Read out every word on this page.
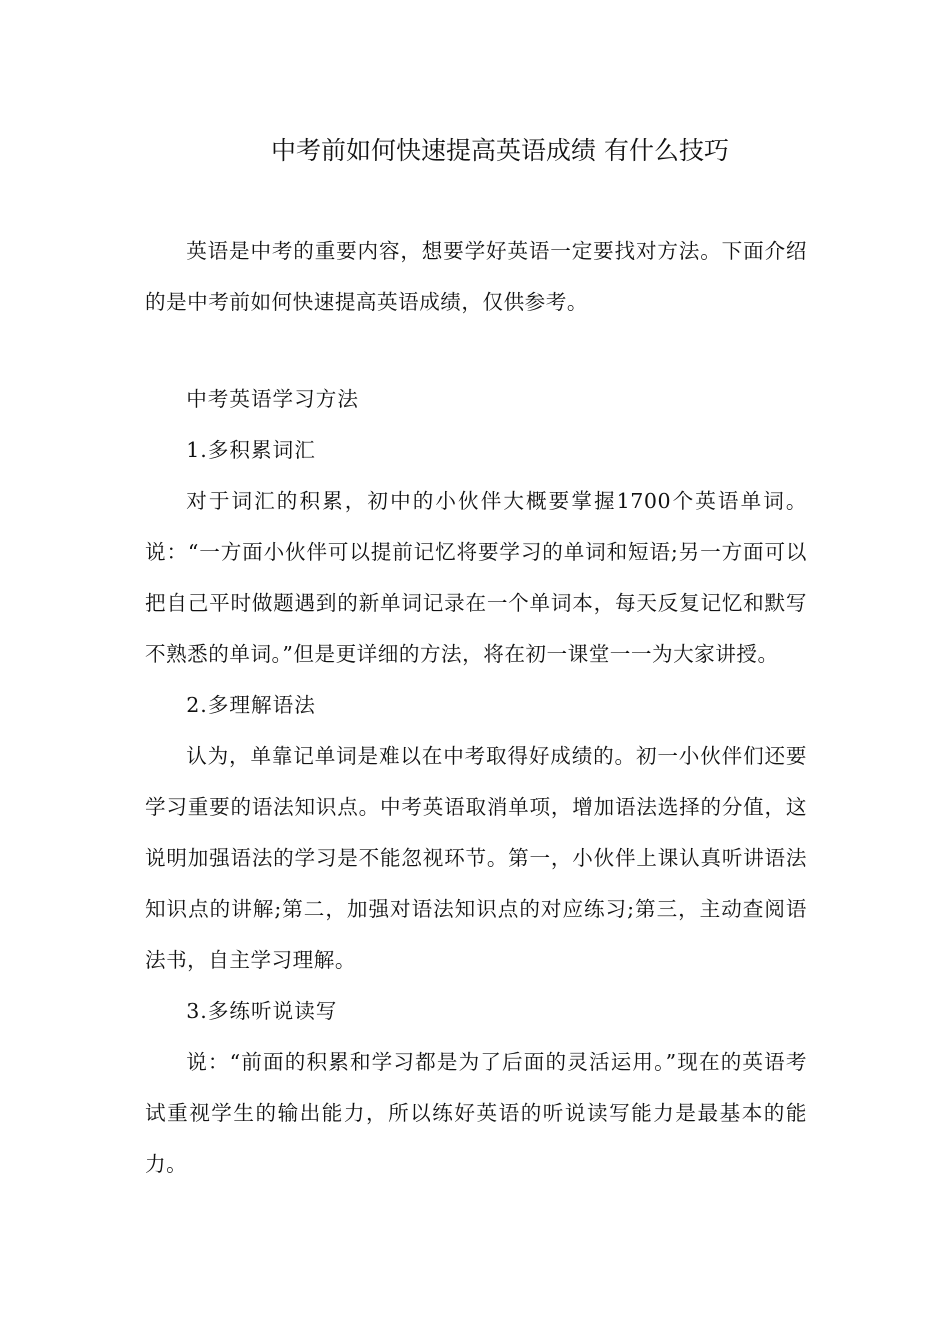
中考前如何快速提高英语成绩 有什么技巧

英语是中考的重要内容，想要学好英语一定要找对方法。下面介绍的是中考前如何快速提高英语成绩，仅供参考。

中考英语学习方法

1.多积累词汇

对于词汇的积累，初中的小伙伴大概要掌握1700个英语单词。说：“一方面小伙伴可以提前记忆将要学习的单词和短语;另一方面可以把自己平时做题遇到的新单词记录在一个单词本，每天反复记忆和默写不熟悉的单词。”但是更详细的方法，将在初一课堂一一为大家讲授。

2.多理解语法

认为，单靠记单词是难以在中考取得好成绩的。初一小伙伴们还要学习重要的语法知识点。中考英语取消单项，增加语法选择的分值，这说明加强语法的学习是不能忽视环节。第一，小伙伴上课认真听讲语法知识点的讲解;第二，加强对语法知识点的对应练习;第三，主动查阅语法书，自主学习理解。

3.多练听说读写

说：“前面的积累和学习都是为了后面的灵活运用。”现在的英语考试重视学生的输出能力，所以练好英语的听说读写能力是最基本的能力。
